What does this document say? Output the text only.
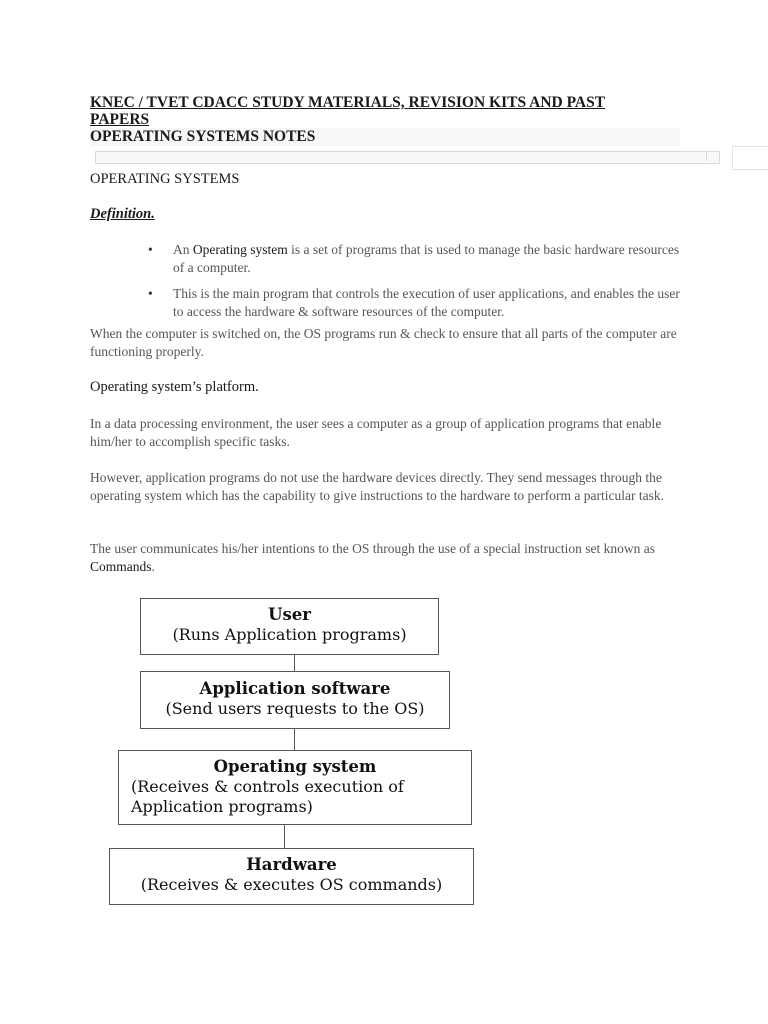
KNEC / TVET CDACC STUDY MATERIALS, REVISION KITS AND PAST PAPERS
OPERATING SYSTEMS NOTES
OPERATING SYSTEMS
Definition.
• An Operating system is a set of programs that is used to manage the basic hardware resources of a computer.
• This is the main program that controls the execution of user applications, and enables the user to access the hardware & software resources of the computer.

When the computer is switched on, the OS programs run & check to ensure that all parts of the computer are functioning properly.

Operating system’s platform.

In a data processing environment, the user sees a computer as a group of application programs that enable him/her to accomplish specific tasks.

However, application programs do not use the hardware devices directly. They send messages through the operating system which has the capability to give instructions to the hardware to perform a particular task.

The user communicates his/her intentions to the OS through the use of a special instruction set known as Commands.

User
(Runs Application programs)
Application software
(Send users requests to the OS)
Operating system
(Receives & controls execution of Application programs)
Hardware
(Receives & executes OS commands)
